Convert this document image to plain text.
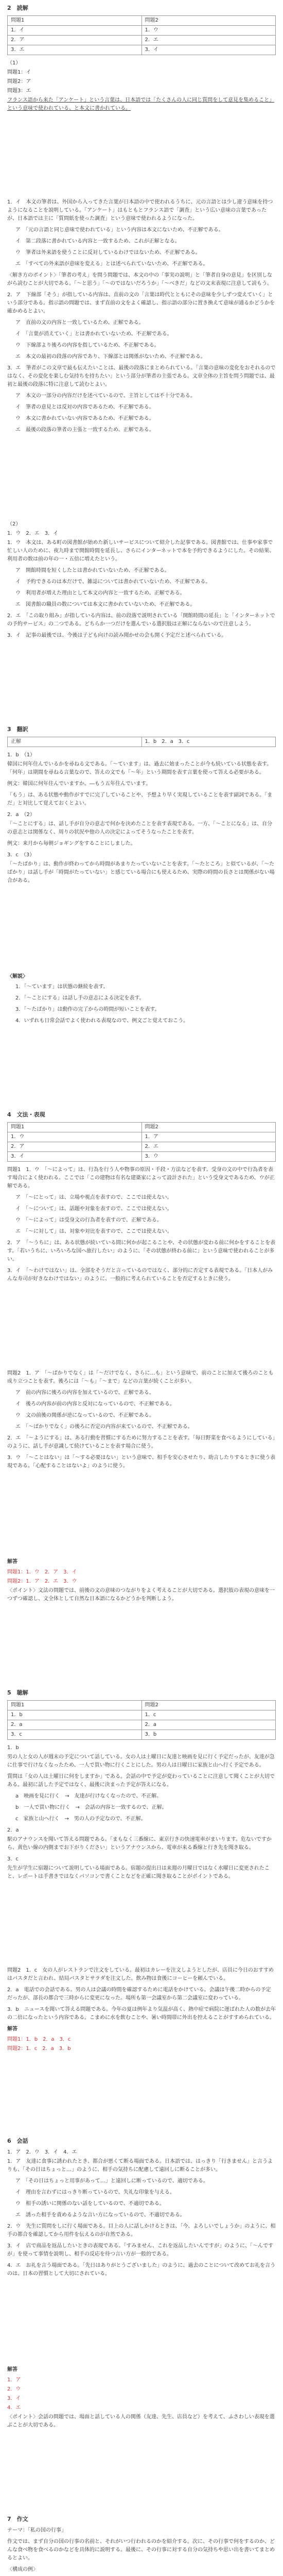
2　読解
問題1	問題2
1．イ	1．ウ
2．ア	2．エ
3．エ	3．イ
（1）
問題1：イ
問題2：ア
問題3：エ

フランス語から来た「アンケート」という言葉は、日本語では「たくさんの人に同じ質問をして意見を集めること」という意味で使われている、と本文に書かれている。

1．イ　本文の筆者は、外国から入ってきた言葉が日本語の中で使われるうちに、元の言語とは少し違う意味を持つようになることを説明している。「アンケート」はもともとフランス語で「調査」という広い意味の言葉であったが、日本語では主に「質問紙を使った調査」という意味で使われるようになった。

ア　「元の言語と同じ意味で使われている」という内容は本文にないため、不正解である。

イ　第二段落に書かれている内容と一致するため、これが正解となる。

ウ　筆者は外来語を使うことに反対しているわけではないため、不正解である。

エ　「すべての外来語が意味を変える」とは述べられていないため、不正解である。

〈解き方のポイント〉「筆者の考え」を問う問題では、本文の中の「事実の説明」と「筆者自身の意見」を区別しながら読むことが大切である。「〜と思う」「〜のではないだろうか」「〜べきだ」などの文末表現に注意して読もう。

2．ア　下線部「そう」が指している内容は、直前の文の「言葉は時代とともにその意味を少しずつ変えていく」という部分である。指示語の問題では、まず直前の文をよく確認し、指示語の部分に置き換えて意味が通るかどうかを確かめるとよい。

ア　直前の文の内容と一致しているため、正解である。

イ　「言葉が消えていく」とは書かれていないため、不正解である。

ウ　下線部より後ろの内容を指しているため、不正解である。

エ　本文の最初の段落の内容であり、下線部とは関係がないため、不正解である。

3．エ　筆者がこの文章で最も伝えたいことは、最後の段落にまとめられている。「言葉の意味の変化をおそれるのではなく、その変化を楽しむ気持ちを持ちたい」という部分が筆者の主張である。文章全体の主旨を問う問題では、最初と最後の段落に特に注意して読むとよい。

ア　本文の一部分の内容だけを述べているので、主旨としては不十分である。

イ　筆者の意見とは反対の内容であるため、不正解である。

ウ　本文に書かれていない内容であるため、不正解である。

エ　最後の段落の筆者の主張と一致するため、正解である。

（2）
1．ウ　2．エ　3．イ

1．ウ　本文は、ある町の図書館が始めた新しいサービスについて紹介した記事である。図書館では、仕事や家事で忙しい人のために、夜九時まで開館時間を延長し、さらにインターネットで本を予約できるようにした。その結果、利用者の数は前の年の一・五倍に増えたという。

ア　開館時間を短くしたとは書かれていないため、不正解である。

イ　予約できるのは本だけで、雑誌については書かれていないため、不正解である。

ウ　利用者が増えた理由として本文の内容と一致するため、正解である。

エ　図書館の職員の数については本文に書かれていないため、不正解である。

2．エ　「この取り組み」が指している内容は、前の段落で説明されている「開館時間の延長」と「インターネットでの予約サービス」の二つである。どちらか一つだけを選んでいる選択肢は正解にならないので注意しよう。

3．イ　記事の最後では、今後は子ども向けの読み聞かせの会も開く予定だと述べられている。

3　翻訳
正解	1．b　2．a　3．c
1．b　（1）

韓国に何年住んでいるかを尋ねる文である。「〜ています」は、過去に始まったことが今も続いている状態を表す。「何年」は期間を尋ねる言葉なので、答えの文でも「〜年」という期間を表す言葉を使って答える必要がある。

例文：韓国に何年住んでいますか。―もう五年住んでいます。

「もう」は、ある状態や動作がすでに完了していることや、予想より早く実現していることを表す副詞である。「まだ」と対比して覚えておくとよい。

2．a　（2）

「〜ことにする」は、話し手が自分の意志で何かを決めたことを表す表現である。一方、「〜ことになる」は、自分の意志とは関係なく、周りの状況や他の人の決定によってそうなったことを表す。

例文：来月から毎朝ジョギングをすることにしました。

3．c　（3）

「〜たばかり」は、動作が終わってから時間があまりたっていないことを表す。「〜たところ」と似ているが、「〜たばかり」は話し手が「時間がたっていない」と感じている場合にも使えるため、実際の時間の長さとは関係がない場合がある。

〈解説〉

1．「〜ています」は状態の継続を表す。

2．「〜ことにする」は話し手の意志による決定を表す。

3．「〜たばかり」は動作の完了からの時間が短いことを表す。

4．いずれも日常会話でよく使われる表現なので、例文ごと覚えておこう。

4　文法・表現
問題1	問題2
1．ウ	1．ア
2．ア	2．エ
3．イ	3．ウ

問題1　1．ウ　「〜によって」は、行為を行う人や物事の原因・手段・方法などを表す。受身の文の中で行為者を表す場合によく使われる。ここでは「この建物は有名な建築家によって設計された」という受身文であるため、ウが正解である。

ア　「〜にとって」は、立場や視点を表すので、ここでは使えない。

イ　「〜について」は、話題や対象を表すので、ここでは使えない。

ウ　「〜によって」は受身文の行為者を表すので、正解である。

エ　「〜に対して」は、対象や対比を表すので、ここでは使えない。

2．ア　「〜うちに」は、ある状態が続いている間に何かが起こることや、その状態が変わる前に何かをすることを表す。「若いうちに、いろいろな国へ旅行したい」のように、「その状態が終わる前に」という意味で使われることが多い。

3．イ　「〜わけではない」は、全部をそうだと言っているのではなく、部分的に否定する表現である。「日本人がみんな寿司が好きなわけではない」のように、一般的に考えられていることを否定するときに使う。

問題2　1．ア　「〜ばかりでなく」は「〜だけでなく、さらに…も」という意味で、前のことに加えて後ろのことも成り立つことを表す。後ろには「〜も」「〜まで」などの言葉が続くことが多い。

ア　前の内容に後ろの内容を加えているので、正解である。

イ　後ろの内容が前の内容と反対になっているので、不正解である。

ウ　文の前後の関係が逆になっているので、不正解である。

エ　「〜ばかりでなく」の後ろに否定の内容が来ているので、不正解である。

2．エ　「〜ようにする」は、ある行動を習慣にするために努力することを表す。「毎日野菜を食べるようにしている」のように、話し手が意識して続けていることを表す場合に使う。

3．ウ　「〜ことはない」は「〜する必要はない」という意味で、相手を安心させたり、助言したりするときに使う表現である。「心配することはないよ」のように使う。

解答
問題1：1．ウ　2．ア　3．イ
問題2：1．ア　2．エ　3．ウ

〈ポイント〉文法の問題では、前後の文の意味のつながりをよく考えることが大切である。選択肢の表現の意味を一つずつ確認し、文全体として自然な日本語になるかどうかを判断しよう。

5　聴解
問題1	問題2
1．b	1．c
2．a	2．a
3．c	3．b
1．b

男の人と女の人が週末の予定について話している。女の人は土曜日に友達と映画を見に行く予定だったが、友達が急に仕事で行けなくなったため、一人で買い物に行くことにした。男の人は日曜日に家族と山へ行く予定である。

質問は「女の人は土曜日に何をしますか」である。会話の中で予定が変わっていることに注意して聞くことが大切である。最初に話した予定ではなく、最後に決まった予定が答えになる。

a　映画を見に行く　→　友達が行けなくなったので、不正解。

b　一人で買い物に行く　→　会話の内容と一致するので、正解。

c　家族と山へ行く　→　男の人の予定なので、不正解。

2．a

駅のアナウンスを聞いて答える問題である。「まもなく三番線に、東京行きの快速電車がまいります。危ないですから、黄色い線の内側までお下がりください」というアナウンスから、電車が来る番線と行き先を聞き取る。

3．c

先生が学生に宿題について説明している場面である。宿題の提出日は来週の月曜日ではなく水曜日に変更されたこと、レポートは手書きではなくパソコンで書くことなどを正確に聞き取ることがポイントである。

問題2　1．c　女の人がレストランで注文をしている。最初はカレーを注文しようとしたが、店員に今日のおすすめはパスタだと言われ、結局パスタとサラダを注文した。飲み物は食後にコーヒーを頼んでいる。

2．a　電話での会話である。男の人は会議の時間を確認するために電話をかけている。会議は午後二時からの予定だったが、部長の都合で三時からに変更になった。場所も第一会議室から第二会議室に変わっている。

3．b　ニュースを聞いて答える問題である。今年の夏は例年より気温が高く、熱中症で病院に運ばれた人の数が去年の二倍になったという内容である。こまめに水を飲むことや、暑い時間帯に外出を控えることがすすめられている。

解答
問題1：1．b　2．a　3．c
問題2：1．c　2．a　3．b
6　会話
1．ア　2．ウ　3．イ　4．エ

1．ア　友達に食事に誘われたとき、都合が悪くて断る場面である。日本語では、はっきり「行きません」と言うよりも、「その日はちょっと…」のように、相手の気持ちに配慮して遠回しに断ることが多い。

ア　「その日はちょっと用事があって…」と遠回しに断っているので、適切である。

イ　理由を言わずにはっきり断っているので、失礼な印象を与える。

ウ　相手の誘いに関係のない話をしているので、不適切である。

エ　誘った相手を責めるような言い方になっているので、不適切である。

2．ウ　先生に質問をしに行く場面である。目上の人に話しかけるときは、「今、よろしいでしょうか」のように、相手の都合を確認してから用件を伝えるのが自然である。

3．イ　店で商品を返品したいときの表現である。「すみません、これを返品したいんですが」のように、「〜んですが」を使って事情を説明し、相手の反応を待つ言い方が一般的である。

4．エ　お礼を言う場面である。「先日はありがとうございました」のように、過去のことについて改めてお礼を言うのは、日本の習慣として大切にされている。

解答
1．ア
2．ウ
3．イ
4．エ

〈ポイント〉会話の問題では、場面と話している人の関係（友達、先生、店員など）を考えて、ふさわしい表現を選ぶことが大切である。

7　作文

テーマ：「私の国の行事」

作文では、まず自分の国の行事の名前と、それがいつ行われるのかを紹介する。次に、その行事で何をするのか、どんな食べ物を食べるのかなどを具体的に説明する。最後に、その行事に対する自分の気持ちや思い出を書いてまとめるとよい。

〈構成の例〉
